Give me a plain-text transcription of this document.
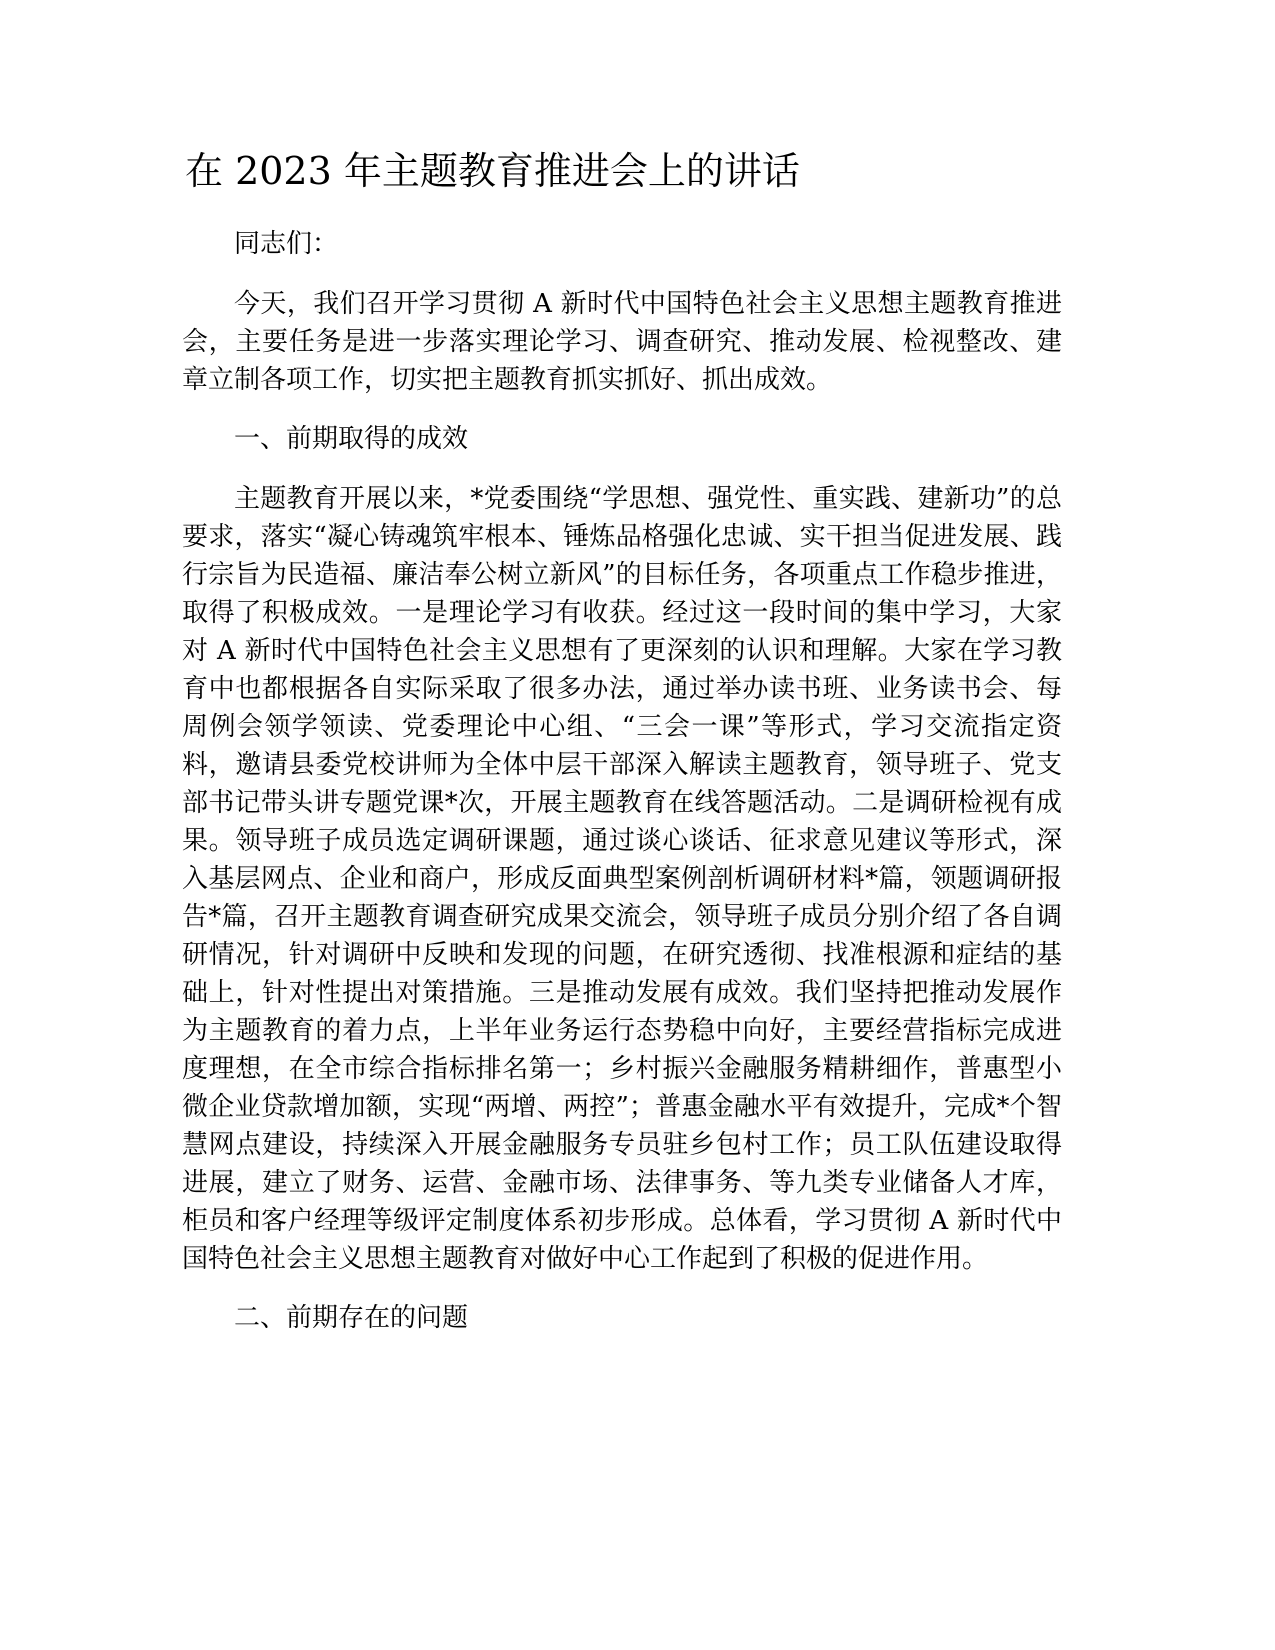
在 2023 年主题教育推进会上的讲话

同志们：

今天，我们召开学习贯彻 A 新时代中国特色社会主义思想主题教育推进会，主要任务是进一步落实理论学习、调查研究、推动发展、检视整改、建章立制各项工作，切实把主题教育抓实抓好、抓出成效。

一、前期取得的成效

主题教育开展以来，*党委围绕“学思想、强党性、重实践、建新功”的总要求，落实“凝心铸魂筑牢根本、锤炼品格强化忠诚、实干担当促进发展、践行宗旨为民造福、廉洁奉公树立新风”的目标任务，各项重点工作稳步推进，取得了积极成效。一是理论学习有收获。经过这一段时间的集中学习，大家对 A 新时代中国特色社会主义思想有了更深刻的认识和理解。大家在学习教育中也都根据各自实际采取了很多办法，通过举办读书班、业务读书会、每周例会领学领读、党委理论中心组、“三会一课”等形式，学习交流指定资料，邀请县委党校讲师为全体中层干部深入解读主题教育，领导班子、党支部书记带头讲专题党课*次，开展主题教育在线答题活动。二是调研检视有成果。领导班子成员选定调研课题，通过谈心谈话、征求意见建议等形式，深入基层网点、企业和商户，形成反面典型案例剖析调研材料*篇，领题调研报告*篇，召开主题教育调查研究成果交流会，领导班子成员分别介绍了各自调研情况，针对调研中反映和发现的问题，在研究透彻、找准根源和症结的基础上，针对性提出对策措施。三是推动发展有成效。我们坚持把推动发展作为主题教育的着力点，上半年业务运行态势稳中向好，主要经营指标完成进度理想，在全市综合指标排名第一；乡村振兴金融服务精耕细作，普惠型小微企业贷款增加额，实现“两增、两控”；普惠金融水平有效提升，完成*个智慧网点建设，持续深入开展金融服务专员驻乡包村工作；员工队伍建设取得进展，建立了财务、运营、金融市场、法律事务、等九类专业储备人才库，柜员和客户经理等级评定制度体系初步形成。总体看，学习贯彻 A 新时代中国特色社会主义思想主题教育对做好中心工作起到了积极的促进作用。

二、前期存在的问题
